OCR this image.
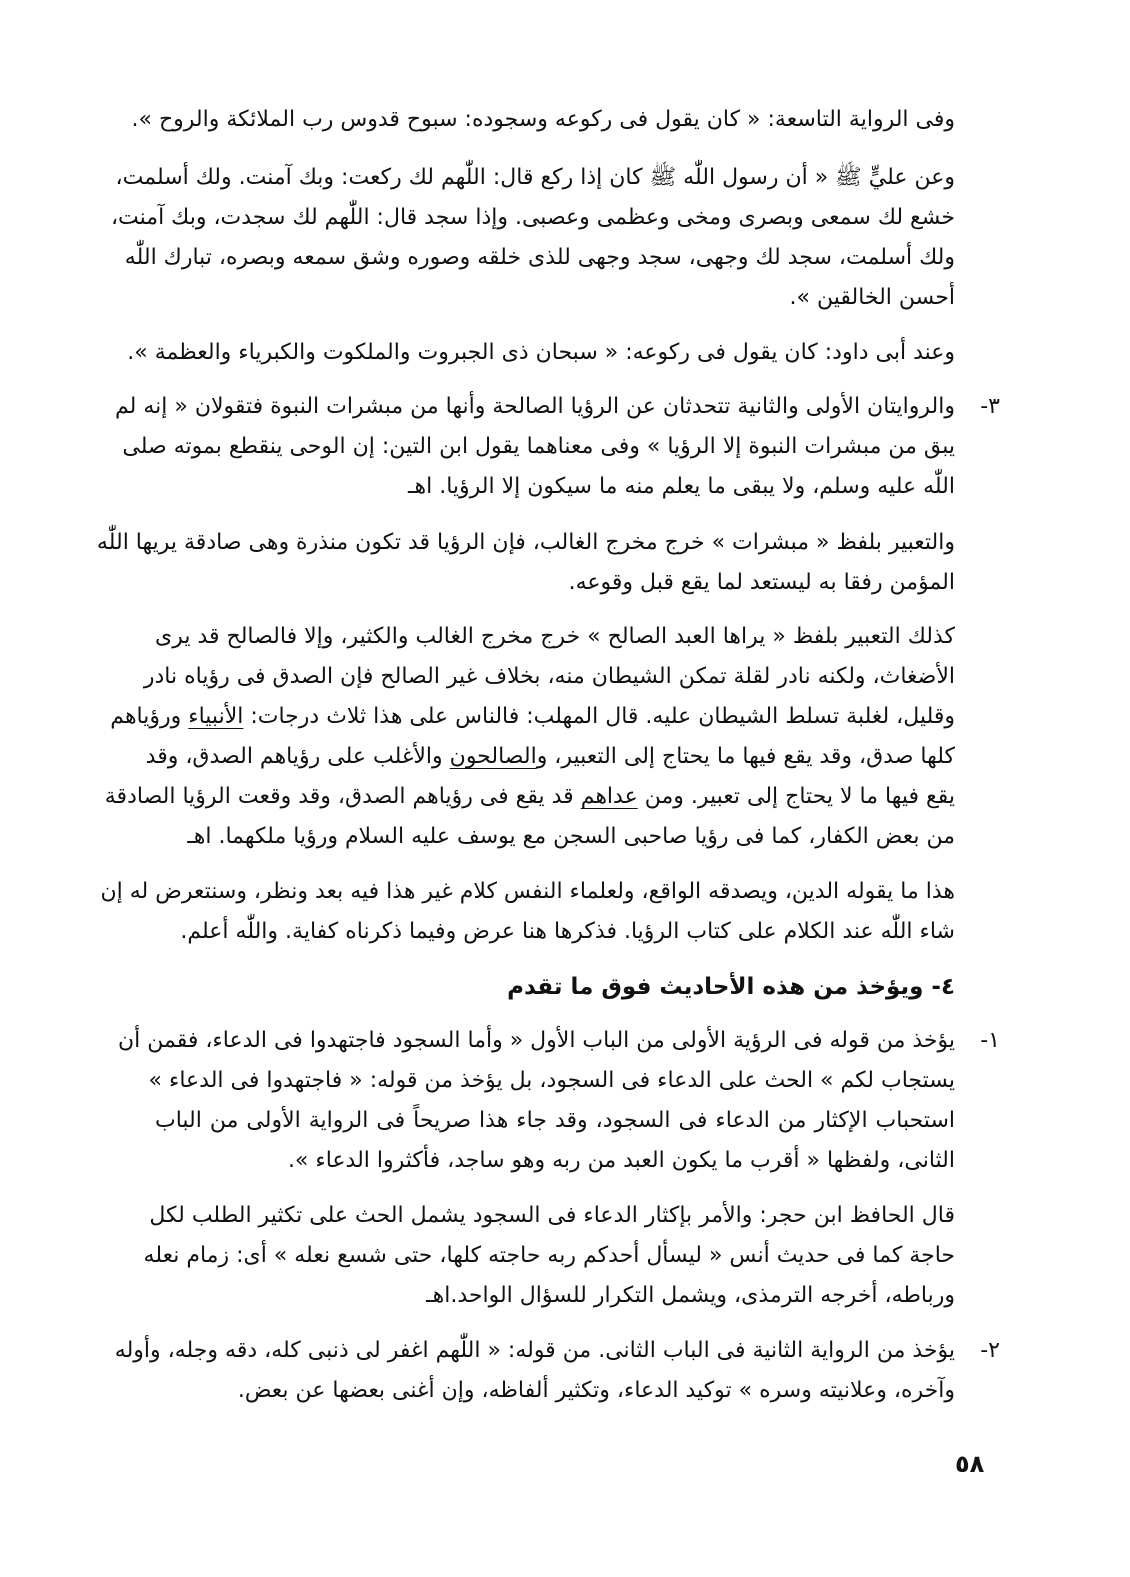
وفى الرواية التاسعة: « كان يقول فى ركوعه وسجوده: سبوح قدوس رب الملائكة والروح ».
وعن عليٍّ ﷺ « أن رسول اللّٰه ﷺ كان إذا ركع قال: اللّٰهم لك ركعت: وبك آمنت. ولك أسلمت،
خشع لك سمعى وبصرى ومخى وعظمى وعصبى. وإذا سجد قال: اللّٰهم لك سجدت، وبك آمنت،
ولك أسلمت، سجد لك وجهى، سجد وجهى للذى خلقه وصوره وشق سمعه وبصره، تبارك اللّٰه
أحسن الخالقين ».
وعند أبى داود: كان يقول فى ركوعه: « سبحان ذى الجبروت والملكوت والكبرياء والعظمة ».
٣-
والروايتان الأولى والثانية تتحدثان عن الرؤيا الصالحة وأنها من مبشرات النبوة فتقولان « إنه لم
يبق من مبشرات النبوة إلا الرؤيا » وفى معناهما يقول ابن التين: إن الوحى ينقطع بموته صلى
اللّٰه عليه وسلم، ولا يبقى ما يعلم منه ما سيكون إلا الرؤيا. اهـ
والتعبير بلفظ « مبشرات » خرج مخرج الغالب، فإن الرؤيا قد تكون منذرة وهى صادقة يريها اللّٰه
المؤمن رفقا به ليستعد لما يقع قبل وقوعه.
كذلك التعبير بلفظ « يراها العبد الصالح » خرج مخرج الغالب والكثير، وإلا فالصالح قد يرى
الأضغاث، ولكنه نادر لقلة تمكن الشيطان منه، بخلاف غير الصالح فإن الصدق فى رؤياه نادر
وقليل، لغلبة تسلط الشيطان عليه. قال المهلب: فالناس على هذا ثلاث درجات: الأنبياء ورؤياهم
كلها صدق، وقد يقع فيها ما يحتاج إلى التعبير، والصالحون والأغلب على رؤياهم الصدق، وقد
يقع فيها ما لا يحتاج إلى تعبير. ومن عداهم قد يقع فى رؤياهم الصدق، وقد وقعت الرؤيا الصادقة
من بعض الكفار، كما فى رؤيا صاحبى السجن مع يوسف عليه السلام ورؤيا ملكهما. اهـ
هذا ما يقوله الدين، ويصدقه الواقع، ولعلماء النفس كلام غير هذا فيه بعد ونظر، وسنتعرض له إن
شاء اللّٰه عند الكلام على كتاب الرؤيا. فذكرها هنا عرض وفيما ذكرناه كفاية. واللّٰه أعلم.
٤- ويؤخذ من هذه الأحاديث فوق ما تقدم
١-
يؤخذ من قوله فى الرؤية الأولى من الباب الأول « وأما السجود فاجتهدوا فى الدعاء، فقمن أن
يستجاب لكم » الحث على الدعاء فى السجود، بل يؤخذ من قوله: « فاجتهدوا فى الدعاء »
استحباب الإكثار من الدعاء فى السجود، وقد جاء هذا صريحاً فى الرواية الأولى من الباب
الثانى، ولفظها « أقرب ما يكون العبد من ربه وهو ساجد، فأكثروا الدعاء ».
قال الحافظ ابن حجر: والأمر بإكثار الدعاء فى السجود يشمل الحث على تكثير الطلب لكل
حاجة كما فى حديث أنس « ليسأل أحدكم ربه حاجته كلها، حتى شسع نعله » أى: زمام نعله
ورباطه، أخرجه الترمذى، ويشمل التكرار للسؤال الواحد.اهـ
٢-
يؤخذ من الرواية الثانية فى الباب الثانى. من قوله: « اللّٰهم اغفر لى ذنبى كله، دقه وجله، وأوله
وآخره، وعلانيته وسره » توكيد الدعاء، وتكثير ألفاظه، وإن أغنى بعضها عن بعض.
٥٨
